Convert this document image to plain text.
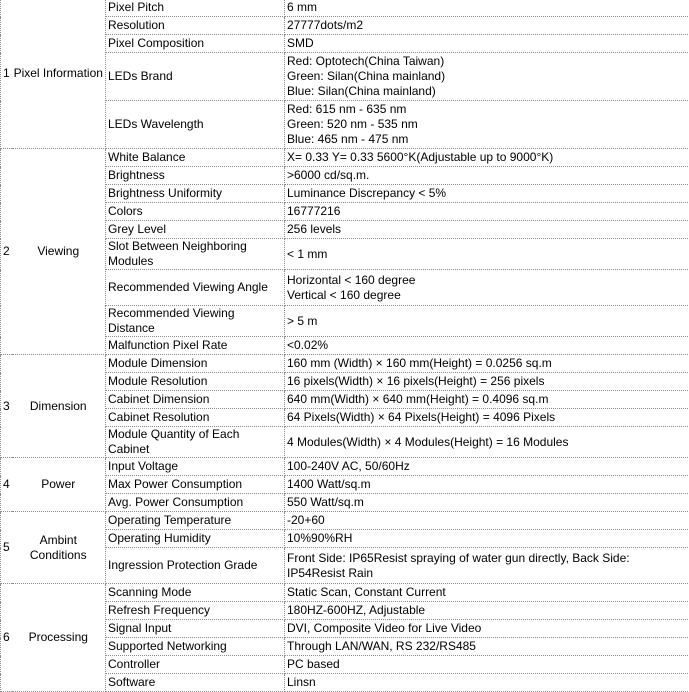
1	Pixel Information	Pixel Pitch	6 mm
		Resolution	27777dots/m2
		Pixel Composition	SMD
		LEDs Brand	Red: Optotech(China Taiwan)
Green: Silan(China mainland)
Blue: Silan(China mainland)
		LEDs Wavelength	Red: 615 nm - 635 nm
Green: 520 nm - 535 nm
Blue: 465 nm - 475 nm
2	Viewing	White Balance	X= 0.33 Y= 0.33 5600°K(Adjustable up to 9000°K)
		Brightness	>6000 cd/sq.m.
		Brightness Uniformity	Luminance Discrepancy < 5%
		Colors	16777216
		Grey Level	256 levels
		Slot Between Neighboring Modules	< 1 mm
		Recommended Viewing Angle	Horizontal < 160 degree
Vertical < 160 degree
		Recommended Viewing Distance	> 5 m
		Malfunction Pixel Rate	<0.02%
3	Dimension	Module Dimension	160 mm (Width) × 160 mm(Height) = 0.0256 sq.m
		Module Resolution	16 pixels(Width) × 16 pixels(Height) = 256 pixels
		Cabinet Dimension	640 mm(Width) × 640 mm(Height) = 0.4096 sq.m
		Cabinet Resolution	64 Pixels(Width) × 64 Pixels(Height) = 4096 Pixels
		Module Quantity of Each Cabinet	4 Modules(Width) × 4 Modules(Height) = 16 Modules
4	Power	Input Voltage	100-240V AC, 50/60Hz
		Max Power Consumption	1400 Watt/sq.m
		Avg. Power Consumption	550 Watt/sq.m
5	Ambint Conditions	Operating Temperature	-20+60
		Operating Humidity	10%90%RH
		Ingression Protection Grade	Front Side: IP65Resist spraying of water gun directly, Back Side: IP54Resist Rain
6	Processing	Scanning Mode	Static Scan, Constant Current
		Refresh Frequency	180HZ-600HZ, Adjustable
		Signal Input	DVI, Composite Video for Live Video
		Supported Networking	Through LAN/WAN, RS 232/RS485
		Controller	PC based
		Software	Linsn
